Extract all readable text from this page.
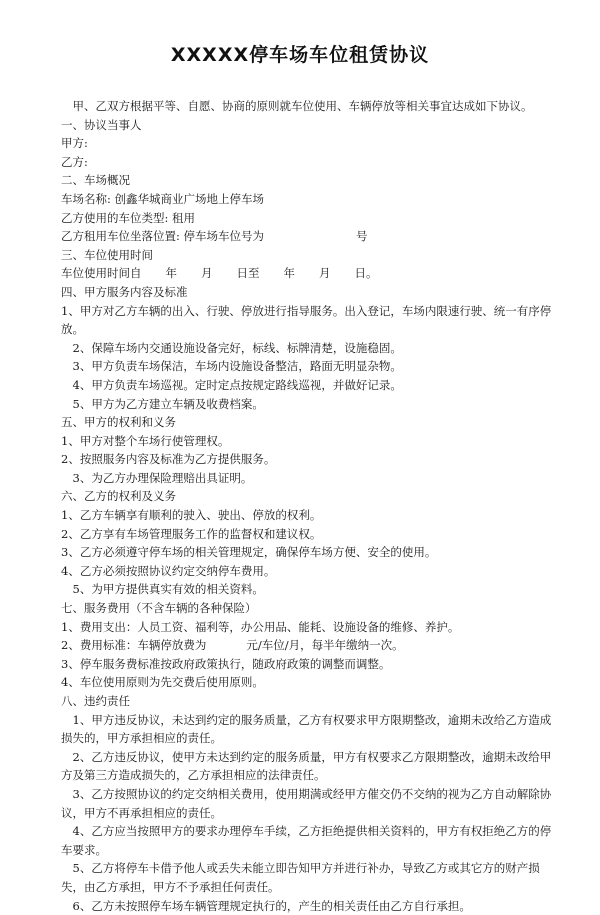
XXXXX停车场车位租赁协议

甲、乙双方根据平等、自愿、协商的原则就车位使用、车辆停放等相关事宜达成如下协议。

一、协议当事人

甲方:

乙方:

二、车场概况

车场名称: 创鑫华城商业广场地上停车场

乙方使用的车位类型: 租用

乙方租用车位坐落位置: 停车场车位号为	号

三、车位使用时间

车位使用时间自 年 月 日至 年 月 日。

四、甲方服务内容及标准

1、甲方对乙方车辆的出入、行驶、停放进行指导服务。出入登记，车场内限速行驶、统一有序停放。

2、保障车场内交通设施设备完好，标线、标牌清楚，设施稳固。

3、甲方负责车场保洁，车场内设施设备整洁，路面无明显杂物。

4、甲方负责车场巡视。定时定点按规定路线巡视，并做好记录。

5、甲方为乙方建立车辆及收费档案。

五、甲方的权利和义务

1、甲方对整个车场行使管理权。

2、按照服务内容及标准为乙方提供服务。

3、为乙方办理保险理赔出具证明。

六、乙方的权利及义务

1、乙方车辆享有顺利的驶入、驶出、停放的权利。

2、乙方享有车场管理服务工作的监督权和建议权。

3、乙方必须遵守停车场的相关管理规定，确保停车场方便、安全的使用。

4、乙方必须按照协议约定交纳停车费用。

5、为甲方提供真实有效的相关资料。

七、服务费用（不含车辆的各种保险）

1、费用支出：人员工资、福利等，办公用品、能耗、设施设备的维修、养护。

2、费用标准：车辆停放费为	元/车位/月，每半年缴纳一次。

3、停车服务费标准按政府政策执行，随政府政策的调整而调整。

4、车位使用原则为先交费后使用原则。

八、违约责任

1、甲方违反协议，未达到约定的服务质量，乙方有权要求甲方限期整改，逾期未改给乙方造成损失的，甲方承担相应的责任。

2、乙方违反协议，使甲方未达到约定的服务质量，甲方有权要求乙方限期整改，逾期未改给甲方及第三方造成损失的，乙方承担相应的法律责任。

3、乙方按照协议的约定交纳相关费用，使用期满或经甲方催交仍不交纳的视为乙方自动解除协议，甲方不再承担相应的责任。

4、乙方应当按照甲方的要求办理停车手续，乙方拒绝提供相关资料的，甲方有权拒绝乙方的停车要求。

5、乙方将停车卡借予他人或丢失未能立即告知甲方并进行补办，导致乙方或其它方的财产损失，由乙方承担，甲方不予承担任何责任。

6、乙方未按照停车场车辆管理规定执行的，产生的相关责任由乙方自行承担。
